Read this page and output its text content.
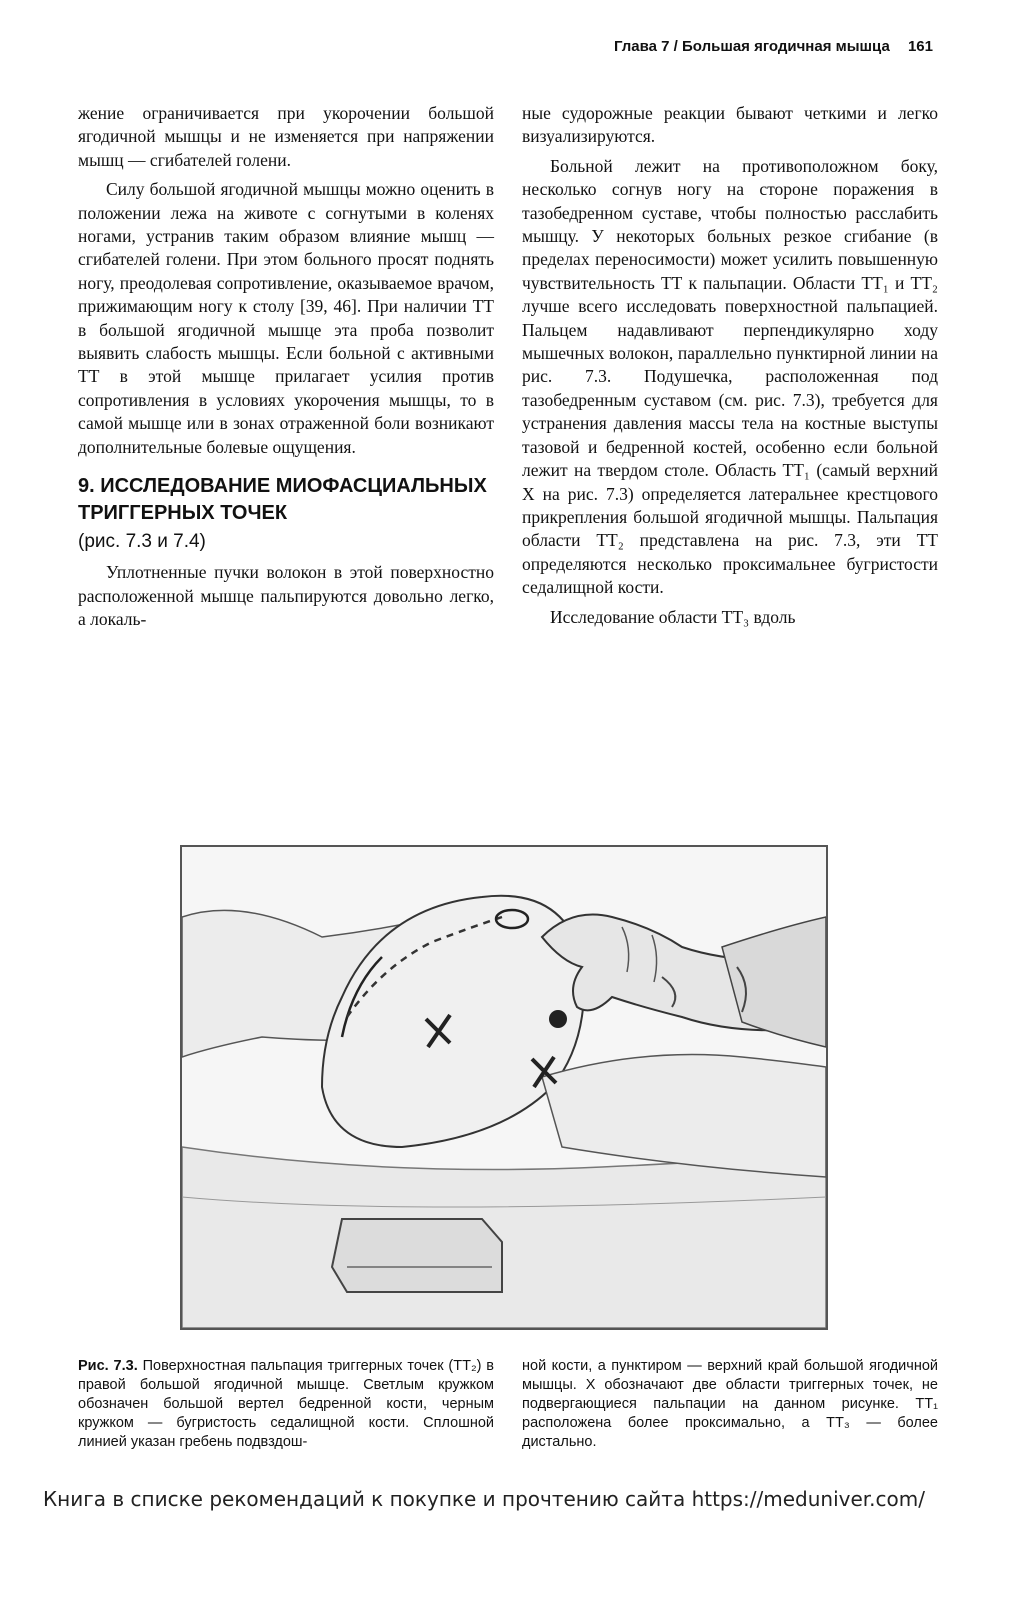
Глава 7 / Большая ягодичная мышца 161

жение ограничивается при укорочении большой ягодичной мышцы и не изменяется при напряжении мышц — сгибателей голени.

Силу большой ягодичной мышцы можно оценить в положении лежа на животе с согнутыми в коленях ногами, устранив таким образом влияние мышц — сгибателей голени. При этом больного просят поднять ногу, преодолевая сопротивление, оказываемое врачом, прижимающим ногу к столу [39, 46]. При наличии ТТ в большой ягодичной мышце эта проба позволит выявить слабость мышцы. Если больной с активными ТТ в этой мышце прилагает усилия против сопротивления в условиях укорочения мышцы, то в самой мышце или в зонах отраженной боли возникают дополнительные болевые ощущения.

9. ИССЛЕДОВАНИЕ МИОФАСЦИАЛЬНЫХ ТРИГГЕРНЫХ ТОЧЕК
(рис. 7.3 и 7.4)

Уплотненные пучки волокон в этой поверхностно расположенной мышце пальпируются довольно легко, а локаль-

ные судорожные реакции бывают четкими и легко визуализируются.

Больной лежит на противоположном боку, несколько согнув ногу на стороне поражения в тазобедренном суставе, чтобы полностью расслабить мышцу. У некоторых больных резкое сгибание (в пределах переносимости) может усилить повышенную чувствительность ТТ к пальпации. Области ТТ₁ и ТТ₂ лучше всего исследовать поверхностной пальпацией. Пальцем надавливают перпендикулярно ходу мышечных волокон, параллельно пунктирной линии на рис. 7.3. Подушечка, расположенная под тазобедренным суставом (см. рис. 7.3), требуется для устранения давления массы тела на костные выступы тазовой и бедренной костей, особенно если больной лежит на твердом столе. Область ТТ₁ (самый верхний X на рис. 7.3) определяется латеральнее крестцового прикрепления большой ягодичной мышцы. Пальпация области ТТ₂ представлена на рис. 7.3, эти ТТ определяются несколько проксимальнее бугристости седалищной кости.

Исследование области ТТ₃ вдоль

Рис. 7.3. Поверхностная пальпация триггерных точек (ТТ₂) в правой большой ягодичной мышце. Светлым кружком обозначен большой вертел бедренной кости, черным кружком — бугристость седалищной кости. Сплошной линией указан гребень подвздош-
ной кости, а пунктиром — верхний край большой ягодичной мышцы. X обозначают две области триггерных точек, не подвергающиеся пальпации на данном рисунке. ТТ₁ расположена более проксимально, а ТТ₃ — более дистально.
Книга в списке рекомендаций к покупке и прочтению сайта https://meduniver.com/
